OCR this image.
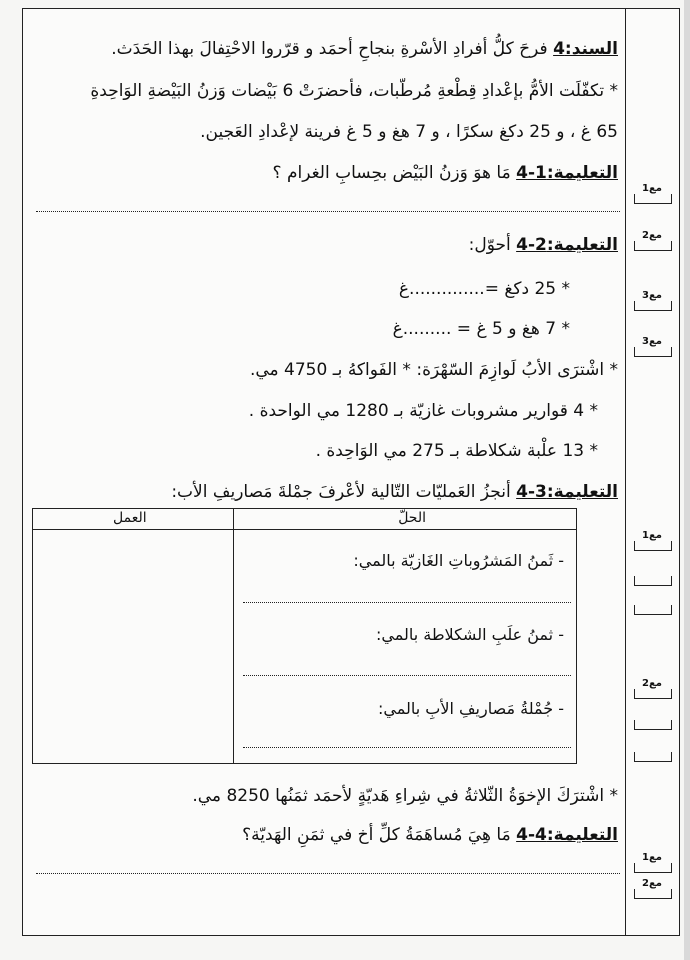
السند:4 فرحَ كلُّ أفرادِ الأسْرةِ بنجاحِ أحمَد و قرّروا الاحْتِفالَ بهذا الحَدَث.
* تكفّلَت الأمُّ بإعْدادِ قِطْعةِ مُرطّبات، فأحضرَتْ 6 بَيْضات وَزنُ البَيْضةِ الوَاحِدةِ
65 غ ، و 25 دكغ سكرًا ، و 7 هغ و 5 غ فرينة لإعْدادِ العَجين.
التعليمة:1-4 مَا هوَ وَزنُ البَيْض بحِسابِ الغرام ؟
التعليمة:2-4 أحوّل:
* 25 دكغ =..............غ
* 7 هغ و 5 غ = .........غ
* اشْترَى الأبُ لَوازِمَ السّهْرَة: * الفَواكهُ بـ 4750 مي.
* 4 قوارير مشروبات غازيّة بـ 1280 مي الواحدة .
* 13 علْبة شكلاطة بـ 275 مي الوَاحِدة .
التعليمة:3-4 أنجزُ العَمليّات التّالية لأعْرفَ جمْلةَ مَصاريفِ الأب:
الحلّ
العمل
- ثَمنُ المَشرُوباتِ الغَازيّة بالمي:
- ثمنُ علَبِ الشكلاطة بالمي:
- جُمْلةُ مَصاريفِ الأبِ بالمي:
* اشْترَكَ الإخوَةُ الثّلاثةُ في شِراءِ هَديّةٍ لأحمَد ثمَنُها 8250 مي.
التعليمة:4-4 مَا هِيَ مُساهَمَةُ كلِّ أخ في ثمَنِ الهَديّة؟
مع1
مع2
مع3
مع3
مع1
مع2
مع1
مع2
